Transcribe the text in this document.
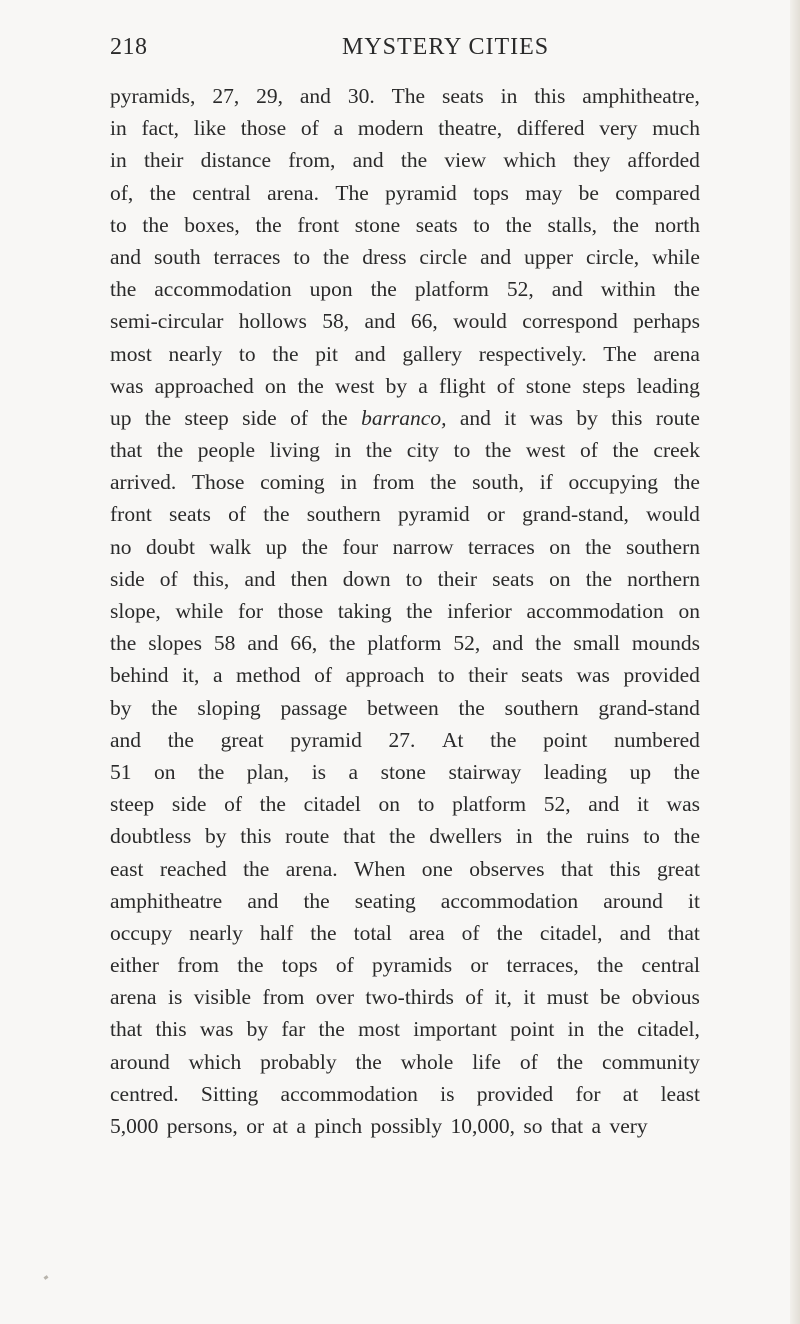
218	MYSTERY CITIES
pyramids, 27, 29, and 30. The seats in this amphitheatre,
in fact, like those of a modern theatre, differed very much
in their distance from, and the view which they afforded
of, the central arena. The pyramid tops may be compared
to the boxes, the front stone seats to the stalls, the north
and south terraces to the dress circle and upper circle, while
the accommodation upon the platform 52, and within the
semi-circular hollows 58, and 66, would correspond perhaps
most nearly to the pit and gallery respectively. The arena
was approached on the west by a flight of stone steps leading
up the steep side of the barranco, and it was by this route
that the people living in the city to the west of the creek
arrived. Those coming in from the south, if occupying the
front seats of the southern pyramid or grand-stand, would
no doubt walk up the four narrow terraces on the southern
side of this, and then down to their seats on the northern
slope, while for those taking the inferior accommodation on
the slopes 58 and 66, the platform 52, and the small mounds
behind it, a method of approach to their seats was provided
by the sloping passage between the southern grand-stand
and the great pyramid 27. At the point numbered
51 on the plan, is a stone stairway leading up the
steep side of the citadel on to platform 52, and it was
doubtless by this route that the dwellers in the ruins to the
east reached the arena. When one observes that this great
amphitheatre and the seating accommodation around it
occupy nearly half the total area of the citadel, and that
either from the tops of pyramids or terraces, the central
arena is visible from over two-thirds of it, it must be obvious
that this was by far the most important point in the citadel,
around which probably the whole life of the community
centred. Sitting accommodation is provided for at least
5,000
persons,
or
at
a
pinch
possibly
10,000,
so
that
a
very
